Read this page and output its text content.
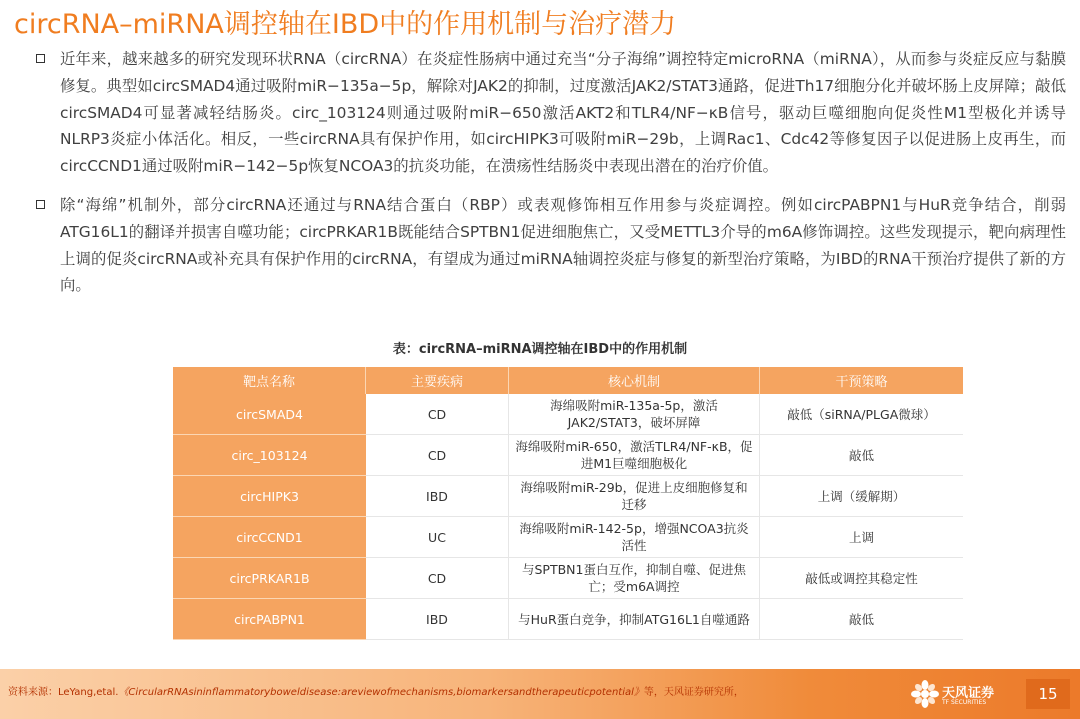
circRNA–miRNA调控轴在IBD中的作用机制与治疗潜力

近年来，越来越多的研究发现环状RNA（circRNA）在炎症性肠病中通过充当“分子海绵”调控特定microRNA（miRNA），从而参与炎症反应与黏膜修复。典型如circSMAD4通过吸附miR−135a−5p，解除对JAK2的抑制，过度激活JAK2/STAT3通路，促进Th17细胞分化并破坏肠上皮屏障；敲低circSMAD4可显著减轻结肠炎。circ_103124则通过吸附miR−650激活AKT2和TLR4/NF−κB信号，驱动巨噬细胞向促炎性M1型极化并诱导NLRP3炎症小体活化。相反，一些circRNA具有保护作用，如circHIPK3可吸附miR−29b，上调Rac1、Cdc42等修复因子以促进肠上皮再生，而circCCND1通过吸附miR−142−5p恢复NCOA3的抗炎功能，在溃疡性结肠炎中表现出潜在的治疗价值。

除“海绵”机制外，部分circRNA还通过与RNA结合蛋白（RBP）或表观修饰相互作用参与炎症调控。例如circPABPN1与HuR竞争结合，削弱ATG16L1的翻译并损害自噬功能；circPRKAR1B既能结合SPTBN1促进细胞焦亡，又受METTL3介导的m6A修饰调控。这些发现提示，靶向病理性上调的促炎circRNA或补充具有保护作用的circRNA，有望成为通过miRNA轴调控炎症与修复的新型治疗策略，为IBD的RNA干预治疗提供了新的方向。

表：circRNA–miRNA调控轴在IBD中的作用机制
靶点名称	主要疾病	核心机制	干预策略
circSMAD4	CD	海绵吸附miR-135a-5p，激活JAK2/STAT3，破坏屏障	敲低（siRNA/PLGA微球）
circ_103124	CD	海绵吸附miR-650，激活TLR4/NF-κB，促进M1巨噬细胞极化	敲低
circHIPK3	IBD	海绵吸附miR-29b，促进上皮细胞修复和迁移	上调（缓解期）
circCCND1	UC	海绵吸附miR-142-5p，增强NCOA3抗炎活性	上调
circPRKAR1B	CD	与SPTBN1蛋白互作，抑制自噬、促进焦亡；受m6A调控	敲低或调控其稳定性
circPABPN1	IBD	与HuR蛋白竞争，抑制ATG16L1自噬通路	敲低
资料来源：LeYang,etal.《CircularRNAsininflammatoryboweldisease:areviewofmechanisms,biomarkersandtherapeuticpotential》等，天风证券研究所，	天风证券
TF SECURITIES	15
